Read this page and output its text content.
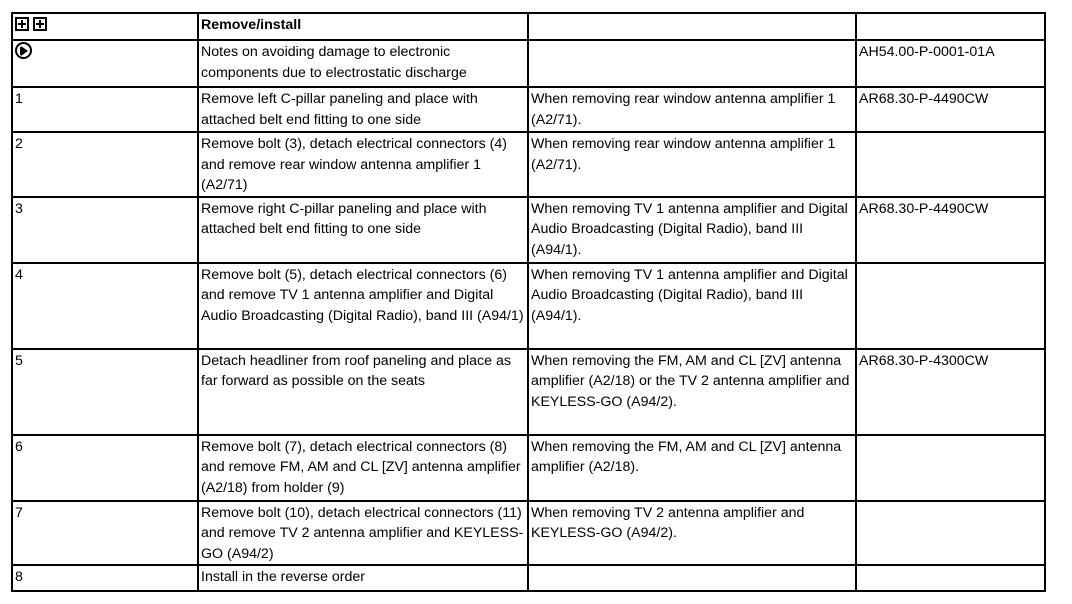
	Remove/install		
	Notes on avoiding damage to electronic components due to electrostatic discharge		AH54.00-P-0001-01A
1	Remove left C-pillar paneling and place with attached belt end fitting to one side	When removing rear window antenna amplifier 1 (A2/71).	AR68.30-P-4490CW
2	Remove bolt (3), detach electrical connectors (4) and remove rear window antenna amplifier 1 (A2/71)	When removing rear window antenna amplifier 1 (A2/71).	
3	Remove right C-pillar paneling and place with attached belt end fitting to one side	When removing TV 1 antenna amplifier and Digital Audio Broadcasting (Digital Radio), band III (A94/1).	AR68.30-P-4490CW
4	Remove bolt (5), detach electrical connectors (6) and remove TV 1 antenna amplifier and Digital Audio Broadcasting (Digital Radio), band III (A94/1)	When removing TV 1 antenna amplifier and Digital Audio Broadcasting (Digital Radio), band III (A94/1).	
5	Detach headliner from roof paneling and place as far forward as possible on the seats	When removing the FM, AM and CL [ZV] antenna amplifier (A2/18) or the TV 2 antenna amplifier and KEYLESS-GO (A94/2).	AR68.30-P-4300CW
6	Remove bolt (7), detach electrical connectors (8) and remove FM, AM and CL [ZV] antenna amplifier (A2/18) from holder (9)	When removing the FM, AM and CL [ZV] antenna amplifier (A2/18).	
7	Remove bolt (10), detach electrical connectors (11) and remove TV 2 antenna amplifier and KEYLESS-GO (A94/2)	When removing TV 2 antenna amplifier and KEYLESS-GO (A94/2).	
8	Install in the reverse order		
